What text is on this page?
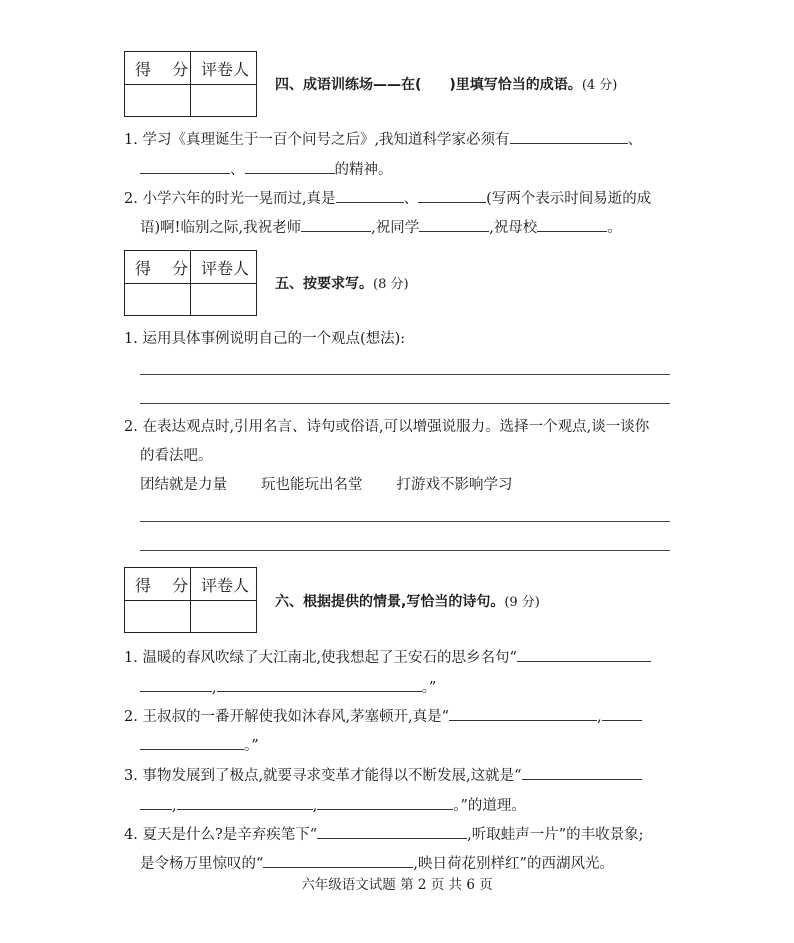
得 分 评卷人
四、成语训练场——在( )里填写恰当的成语。(4 分)
1. 学习《真理诞生于一百个问号之后》,我知道科学家必须有	、
、	的精神。
2. 小学六年的时光一晃而过,真是	、	(写两个表示时间易逝的成
语)啊!临别之际,我祝老师	,祝同学	,祝母校	。
得 分 评卷人
五、按要求写。(8 分)
1. 运用具体事例说明自己的一个观点(想法):
2. 在表达观点时,引用名言、诗句或俗语,可以增强说服力。选择一个观点,谈一谈你
的看法吧。
团结就是力量 玩也能玩出名堂 打游戏不影响学习
得 分 评卷人
六、根据提供的情景,写恰当的诗句。(9 分)
1. 温暖的春风吹绿了大江南北,使我想起了王安石的思乡名句“
,	。”
2. 王叔叔的一番开解使我如沐春风,茅塞顿开,真是“	,
。”
3. 事物发展到了极点,就要寻求变革才能得以不断发展,这就是“
,	,	。”的道理。
4. 夏天是什么?是辛弃疾笔下“	,听取蛙声一片”的丰收景象;
是令杨万里惊叹的“	,映日荷花别样红”的西湖风光。
六年级语文试题 第 2 页 共 6 页
